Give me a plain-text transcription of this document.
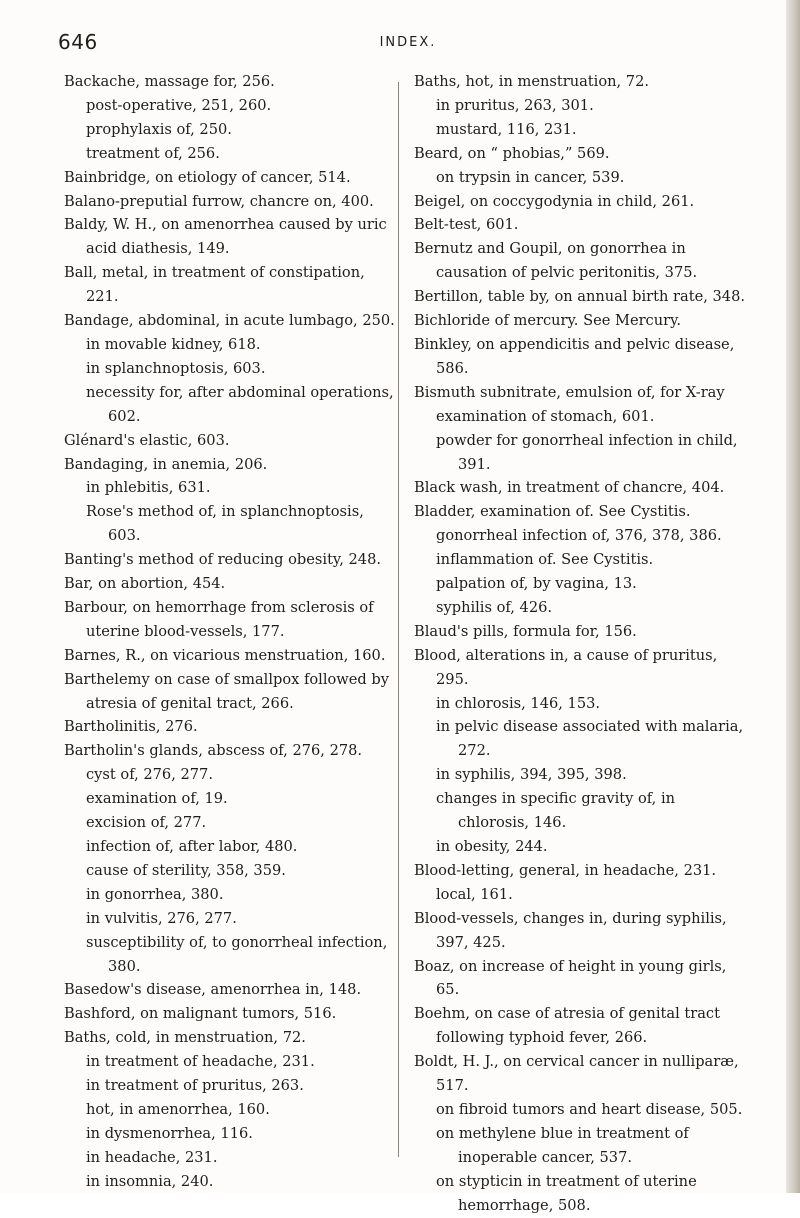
646	INDEX.

Backache, massage for, 256.

post-operative, 251, 260.

prophylaxis of, 250.

treatment of, 256.

Bainbridge, on etiology of cancer, 514.

Balano-preputial furrow, chancre on, 400.

Baldy, W. H., on amenorrhea caused by uric acid diathesis, 149.

Ball, metal, in treatment of constipation, 221.

Bandage, abdominal, in acute lumbago, 250.

in movable kidney, 618.

in splanchnoptosis, 603.

necessity for, after abdominal operations, 602.

Glénard's elastic, 603.

Bandaging, in anemia, 206.

in phlebitis, 631.

Rose's method of, in splanchnoptosis, 603.

Banting's method of reducing obesity, 248.

Bar, on abortion, 454.

Barbour, on hemorrhage from sclerosis of uterine blood-vessels, 177.

Barnes, R., on vicarious menstruation, 160.

Barthelemy on case of smallpox followed by atresia of genital tract, 266.

Bartholinitis, 276.

Bartholin's glands, abscess of, 276, 278.

cyst of, 276, 277.

examination of, 19.

excision of, 277.

infection of, after labor, 480.

cause of sterility, 358, 359.

in gonorrhea, 380.

in vulvitis, 276, 277.

susceptibility of, to gonorrheal infection, 380.

Basedow's disease, amenorrhea in, 148.

Bashford, on malignant tumors, 516.

Baths, cold, in menstruation, 72.

in treatment of headache, 231.

in treatment of pruritus, 263.

hot, in amenorrhea, 160.

in dysmenorrhea, 116.

in headache, 231.

in insomnia, 240.

Baths, hot, in menstruation, 72.

in pruritus, 263, 301.

mustard, 116, 231.

Beard, on “ phobias,” 569.

on trypsin in cancer, 539.

Beigel, on coccygodynia in child, 261.

Belt-test, 601.

Bernutz and Goupil, on gonorrhea in causation of pelvic peritonitis, 375.

Bertillon, table by, on annual birth rate, 348.

Bichloride of mercury. See Mercury.

Binkley, on appendicitis and pelvic disease, 586.

Bismuth subnitrate, emulsion of, for X-ray examination of stomach, 601.

powder for gonorrheal infection in child, 391.

Black wash, in treatment of chancre, 404.

Bladder, examination of. See Cystitis.

gonorrheal infection of, 376, 378, 386.

inflammation of. See Cystitis.

palpation of, by vagina, 13.

syphilis of, 426.

Blaud's pills, formula for, 156.

Blood, alterations in, a cause of pruritus, 295.

in chlorosis, 146, 153.

in pelvic disease associated with malaria, 272.

in syphilis, 394, 395, 398.

changes in specific gravity of, in chlorosis, 146.

in obesity, 244.

Blood-letting, general, in headache, 231.

local, 161.

Blood-vessels, changes in, during syphilis, 397, 425.

Boaz, on increase of height in young girls, 65.

Boehm, on case of atresia of genital tract following typhoid fever, 266.

Boldt, H. J., on cervical cancer in nulliparæ, 517.

on fibroid tumors and heart disease, 505.

on methylene blue in treatment of inoperable cancer, 537.

on stypticin in treatment of uterine hemorrhage, 508.
